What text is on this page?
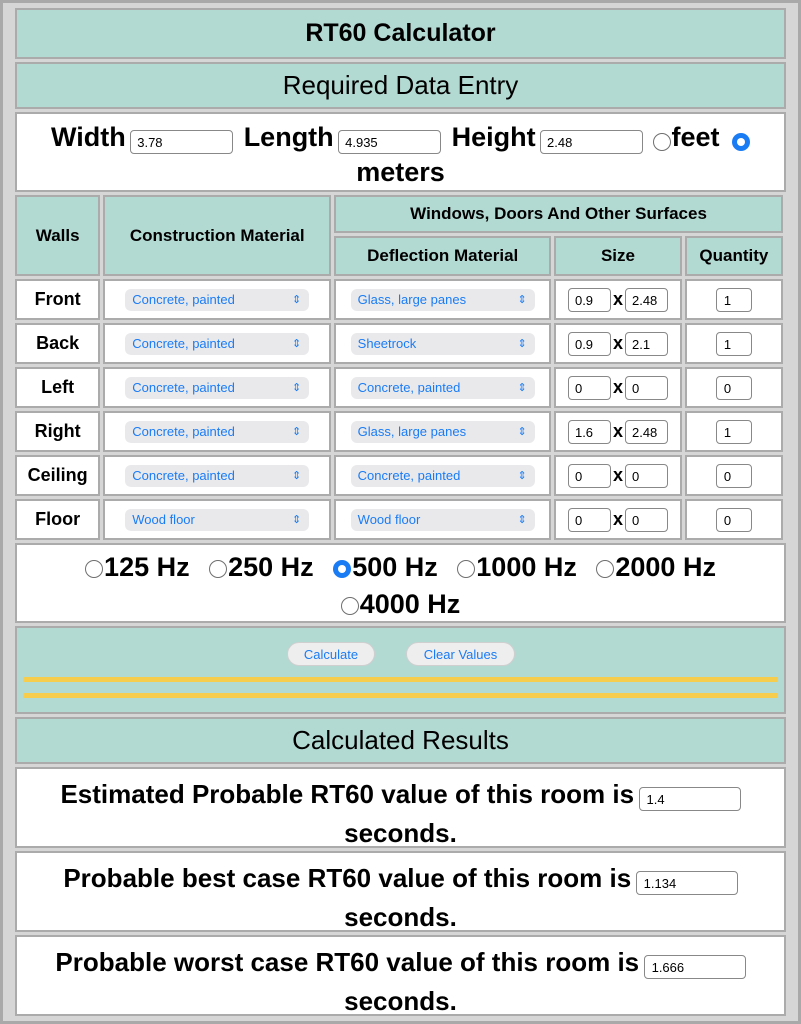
RT60 Calculator
Required Data Entry
Width 3.78	Length 4.935	Height 2.48	feet
meters
Walls	Construction Material	Windows, Doors And Other Surfaces		
		Deflection Material	Size	Quantity
Front	Concrete, painted ⇕	Glass, large panes ⇕	0.9 x 2.48	1
Back	Concrete, painted ⇕	Sheetrock ⇕	0.9 x 2.1	1
Left	Concrete, painted ⇕	Concrete, painted ⇕	0 x 0	0
Right	Concrete, painted ⇕	Glass, large panes ⇕	1.6 x 2.48	1
Ceiling	Concrete, painted ⇕	Concrete, painted ⇕	0 x 0	0
Floor	Wood floor ⇕	Wood floor ⇕	0 x 0	0
125 Hz 250 Hz 500 Hz 1000 Hz 2000 Hz 4000 Hz
Calculate	Clear Values
Calculated Results
Estimated Probable RT60 value of this room is 1.4
seconds.
Probable best case RT60 value of this room is 1.134
seconds.
Probable worst case RT60 value of this room is 1.666
seconds.
